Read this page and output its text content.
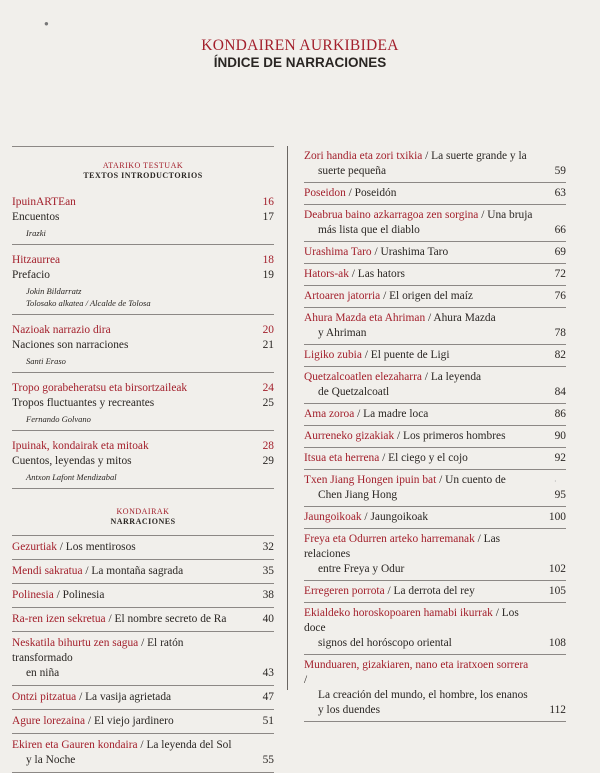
●
·
KONDAIREN AURKIBIDEA
ÍNDICE DE NARRACIONES
ATARIKO TESTUAK
TEXTOS INTRODUCTORIOS
IpuinARTEan	16
Encuentos	17
Irazki
Hitzaurrea	18
Prefacio	19
Jokin Bildarratz
Tolosako alkatea / Alcalde de Tolosa
Nazioak narrazio dira	20
Naciones son narraciones	21
Santi Eraso
Tropo gorabeheratsu eta birsortzaileak	24
Tropos fluctuantes y recreantes	25
Fernando Golvano
Ipuinak, kondairak eta mitoak	28
Cuentos, leyendas y mitos	29
Antxon Lafont Mendizabal
KONDAIRAK
NARRACIONES
Gezurtiak / Los mentirosos	32
Mendi sakratua / La montaña sagrada	35
Polinesia / Polinesia	38
Ra-ren izen sekretua / El nombre secreto de Ra	40
Neskatila bihurtu zen sagua / El ratón transformado
en niña	43
Ontzi pitzatua / La vasija agrietada	47
Agure lorezaina / El viejo jardinero	51
Ekiren eta Gauren kondaira / La leyenda del Sol
y la Noche	55
Zori handia eta zori txikia / La suerte grande y la
suerte pequeña	59
Poseidon / Poseidón	63
Deabrua baino azkarragoa zen sorgina / Una bruja
más lista que el diablo	66
Urashima Taro / Urashima Taro	69
Hators-ak / Las hators	72
Artoaren jatorria / El origen del maíz	76
Ahura Mazda eta Ahriman / Ahura Mazda
y Ahriman	78
Ligiko zubia / El puente de Ligi	82
Quetzalcoatlen elezaharra / La leyenda
de Quetzalcoatl	84
Ama zoroa / La madre loca	86
Aurreneko gizakiak / Los primeros hombres	90
Itsua eta herrena / El ciego y el cojo	92
Txen Jiang Hongen ipuin bat / Un cuento de
Chen Jiang Hong	95
Jaungoikoak / Jaungoikoak	100
Freya eta Odurren arteko harremanak / Las relaciones
entre Freya y Odur	102
Erregeren porrota / La derrota del rey	105
Ekialdeko horoskopoaren hamabi ikurrak / Los doce
signos del horóscopo oriental	108
Munduaren, gizakiaren, nano eta iratxoen sorrera /
La creación del mundo, el hombre, los enanos
y los duendes	112
